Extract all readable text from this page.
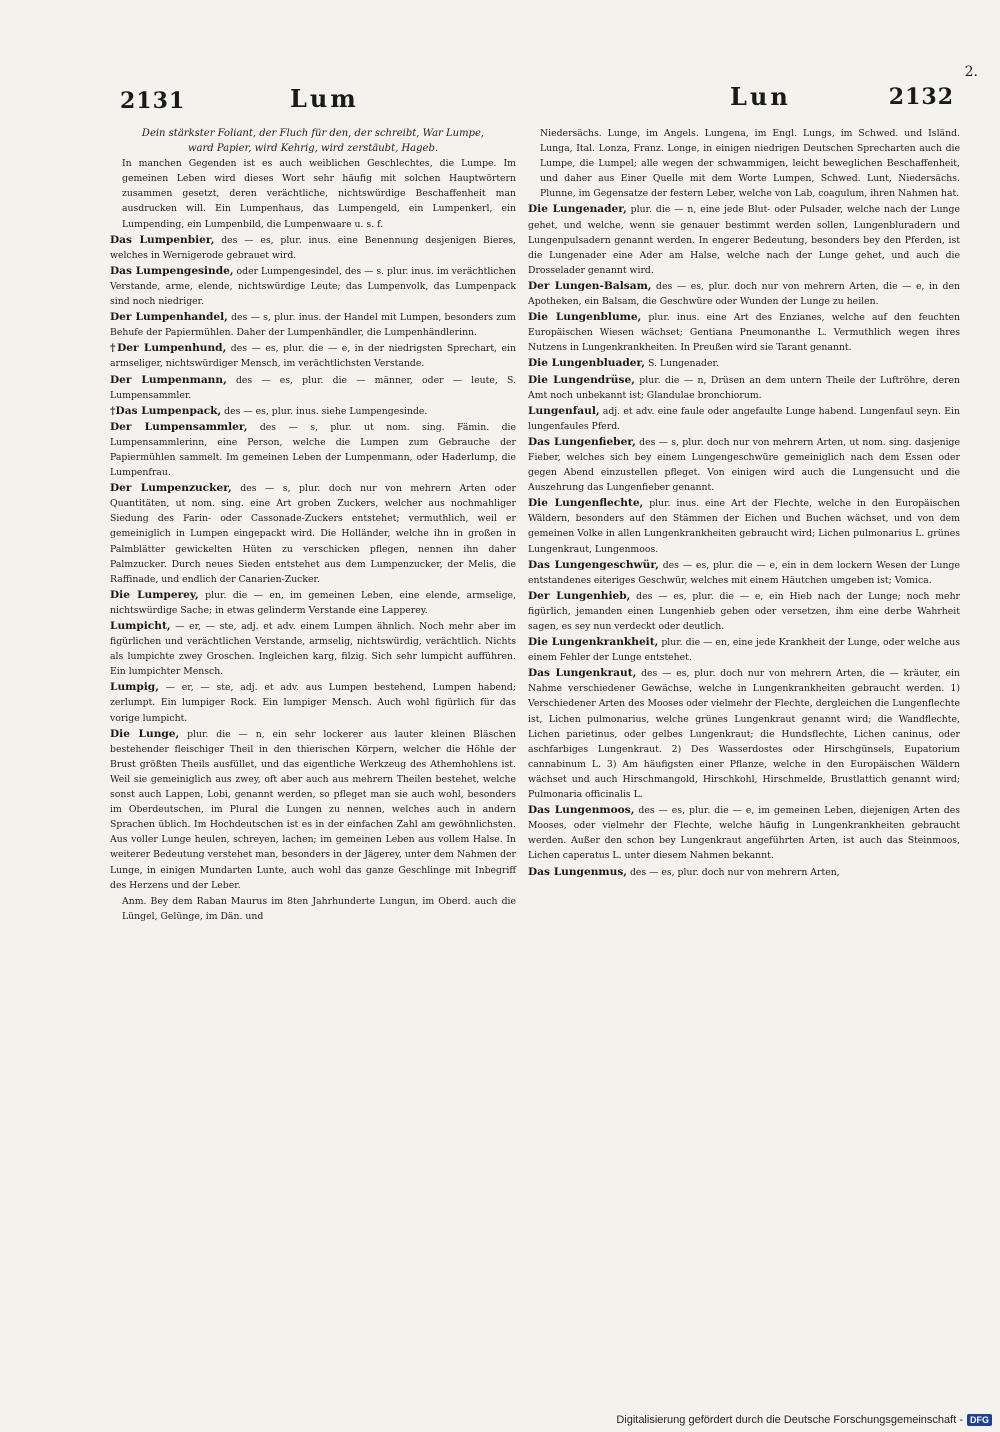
2131	Lum	Lun	2132
2.

Dein stärkster Foliant, der Fluch für den, der schreibt, War Lumpe, ward Papier, wird Kehrig, wird zerstäubt, Hageb.

In manchen Gegenden ist es auch weiblichen Geschlechtes, die Lumpe. Im gemeinen Leben wird dieses Wort sehr häufig mit solchen Hauptwörtern zusammen gesetzt, deren verächtliche, nichtswürdige Beschaffenheit man ausdrucken will. Ein Lumpenhaus, das Lumpengeld, ein Lumpenkerl, ein Lumpending, ein Lumpenbild, die Lumpenwaare u. s. f.

Das Lumpenbier, des — es, plur. inus. eine Benennung desjenigen Bieres, welches in Wernigerode gebrauet wird.

Das Lumpengesinde, oder Lumpengesindel, des — s. plur. inus. im verächtlichen Verstande, arme, elende, nichtswürdige Leute; das Lumpenvolk, das Lumpenpack sind noch niedriger.

Der Lumpenhandel, des — s, plur. inus. der Handel mit Lumpen, besonders zum Behufe der Papiermühlen. Daher der Lumpenhändler, die Lumpenhändlerinn.

†Der Lumpenhund, des — es, plur. die — e, in der niedrigsten Sprechart, ein armseliger, nichtswürdiger Mensch, im verächtlichsten Verstande.

Der Lumpenmann, des — es, plur. die — männer, oder — leute, S. Lumpensammler.

†Das Lumpenpack, des — es, plur. inus. siehe Lumpengesinde.

Der Lumpensammler, des — s, plur. ut nom. sing. Fämin. die Lumpensammlerinn, eine Person, welche die Lumpen zum Gebrauche der Papiermühlen sammelt. Im gemeinen Leben der Lumpenmann, oder Haderlump, die Lumpenfrau.

Der Lumpenzucker, des — s, plur. doch nur von mehrern Arten oder Quantitäten, ut nom. sing. eine Art groben Zuckers, welcher aus nochmahliger Siedung des Farin- oder Cassonade-Zuckers entstehet; vermuthlich, weil er gemeiniglich in Lumpen eingepackt wird. Die Holländer, welche ihn in großen in Palmblätter gewickelten Hüten zu verschicken pflegen, nennen ihn daher Palmzucker. Durch neues Sieden entstehet aus dem Lumpenzucker, der Melis, die Raffinade, und endlich der Canarien-Zucker.

Die Lumperey, plur. die — en, im gemeinen Leben, eine elende, armselige, nichtswürdige Sache; in etwas gelinderm Verstande eine Lapperey.

Lumpicht, — er, — ste, adj. et adv. einem Lumpen ähnlich. Noch mehr aber im figürlichen und verächtlichen Verstande, armselig, nichtswürdig, verächtlich. Nichts als lumpichte zwey Groschen. Ingleichen karg, filzig. Sich sehr lumpicht aufführen. Ein lumpichter Mensch.

Lumpig, — er, — ste, adj. et adv. aus Lumpen bestehend, Lumpen habend; zerlumpt. Ein lumpiger Rock. Ein lumpiger Mensch. Auch wohl figürlich für das vorige lumpicht.

Die Lunge, plur. die — n, ein sehr lockerer aus lauter kleinen Bläschen bestehender fleischiger Theil in den thierischen Körpern, welcher die Höhle der Brust größten Theils ausfüllet, und das eigentliche Werkzeug des Athemhohlens ist. Weil sie gemeiniglich aus zwey, oft aber auch aus mehrern Theilen bestehet, welche sonst auch Lappen, Lobi, genannt werden, so pfleget man sie auch wohl, besonders im Oberdeutschen, im Plural die Lungen zu nennen, welches auch in andern Sprachen üblich. Im Hochdeutschen ist es in der einfachen Zahl am gewöhnlichsten. Aus voller Lunge heulen, schreyen, lachen; im gemeinen Leben aus vollem Halse. In weiterer Bedeutung verstehet man, besonders in der Jägerey, unter dem Nahmen der Lunge, in einigen Mundarten Lunte, auch wohl das ganze Geschlinge mit Inbegriff des Herzens und der Leber.

Anm. Bey dem Raban Maurus im 8ten Jahrhunderte Lungun, im Oberd. auch die Lüngel, Gelünge, im Dän. und

Niedersächs. Lunge, im Angels. Lungena, im Engl. Lungs, im Schwed. und Isländ. Lunga, Ital. Lonza, Franz. Longe, in einigen niedrigen Deutschen Sprecharten auch die Lumpe, die Lumpel; alle wegen der schwammigen, leicht beweglichen Beschaffenheit, und daher aus Einer Quelle mit dem Worte Lumpen, Schwed. Lunt, Niedersächs. Plunne, im Gegensatze der festern Leber, welche von Lab, coagulum, ihren Nahmen hat.

Die Lungenader, plur. die — n, eine jede Blut- oder Pulsader, welche nach der Lunge gehet, und welche, wenn sie genauer bestimmt werden sollen, Lungenbluradern und Lungenpulsadern genannt werden. In engerer Bedeutung, besonders bey den Pferden, ist die Lungenader eine Ader am Halse, welche nach der Lunge gehet, und auch die Drosselader genannt wird.

Der Lungen-Balsam, des — es, plur. doch nur von mehrern Arten, die — e, in den Apotheken, ein Balsam, die Geschwüre oder Wunden der Lunge zu heilen.

Die Lungenblume, plur. inus. eine Art des Enzianes, welche auf den feuchten Europäischen Wiesen wächset; Gentiana Pneumonanthe L. Vermuthlich wegen ihres Nutzens in Lungenkrankheiten. In Preußen wird sie Tarant genannt.

Die Lungenbluader, S. Lungenader.

Die Lungendrüse, plur. die — n, Drüsen an dem untern Theile der Luftröhre, deren Amt noch unbekannt ist; Glandulae bronchiorum.

Lungenfaul, adj. et adv. eine faule oder angefaulte Lunge habend. Lungenfaul seyn. Ein lungenfaules Pferd.

Das Lungenfieber, des — s, plur. doch nur von mehrern Arten, ut nom. sing. dasjenige Fieber, welches sich bey einem Lungengeschwüre gemeiniglich nach dem Essen oder gegen Abend einzustellen pfleget. Von einigen wird auch die Lungensucht und die Auszehrung das Lungenfieber genannt.

Die Lungenflechte, plur. inus. eine Art der Flechte, welche in den Europäischen Wäldern, besonders auf den Stämmen der Eichen und Buchen wächset, und von dem gemeinen Volke in allen Lungenkrankheiten gebraucht wird; Lichen pulmonarius L. grünes Lungenkraut, Lungenmoos.

Das Lungengeschwür, des — es, plur. die — e, ein in dem lockern Wesen der Lunge entstandenes eiteriges Geschwür, welches mit einem Häutchen umgeben ist; Vomica.

Der Lungenhieb, des — es, plur. die — e, ein Hieb nach der Lunge; noch mehr figürlich, jemanden einen Lungenhieb geben oder versetzen, ihm eine derbe Wahrheit sagen, es sey nun verdeckt oder deutlich.

Die Lungenkrankheit, plur. die — en, eine jede Krankheit der Lunge, oder welche aus einem Fehler der Lunge entstehet.

Das Lungenkraut, des — es, plur. doch nur von mehrern Arten, die — kräuter, ein Nahme verschiedener Gewächse, welche in Lungenkrankheiten gebraucht werden. 1) Verschiedener Arten des Mooses oder vielmehr der Flechte, dergleichen die Lungenflechte ist, Lichen pulmonarius, welche grünes Lungenkraut genannt wird; die Wandflechte, Lichen parietinus, oder gelbes Lungenkraut; die Hundsflechte, Lichen caninus, oder aschfarbiges Lungenkraut. 2) Des Wasserdostes oder Hirschgünsels, Eupatorium cannabinum L. 3) Am häufigsten einer Pflanze, welche in den Europäischen Wäldern wächset und auch Hirschmangold, Hirschkohl, Hirschmelde, Brustlattich genannt wird; Pulmonaria officinalis L.

Das Lungenmoos, des — es, plur. die — e, im gemeinen Leben, diejenigen Arten des Mooses, oder vielmehr der Flechte, welche häufig in Lungenkrankheiten gebraucht werden. Außer den schon bey Lungenkraut angeführten Arten, ist auch das Steinmoos, Lichen caperatus L. unter diesem Nahmen bekannt.

Das Lungenmus, des — es, plur. doch nur von mehrern Arten,

Digitalisierung gefördert durch die Deutsche Forschungsgemeinschaft - DFG
